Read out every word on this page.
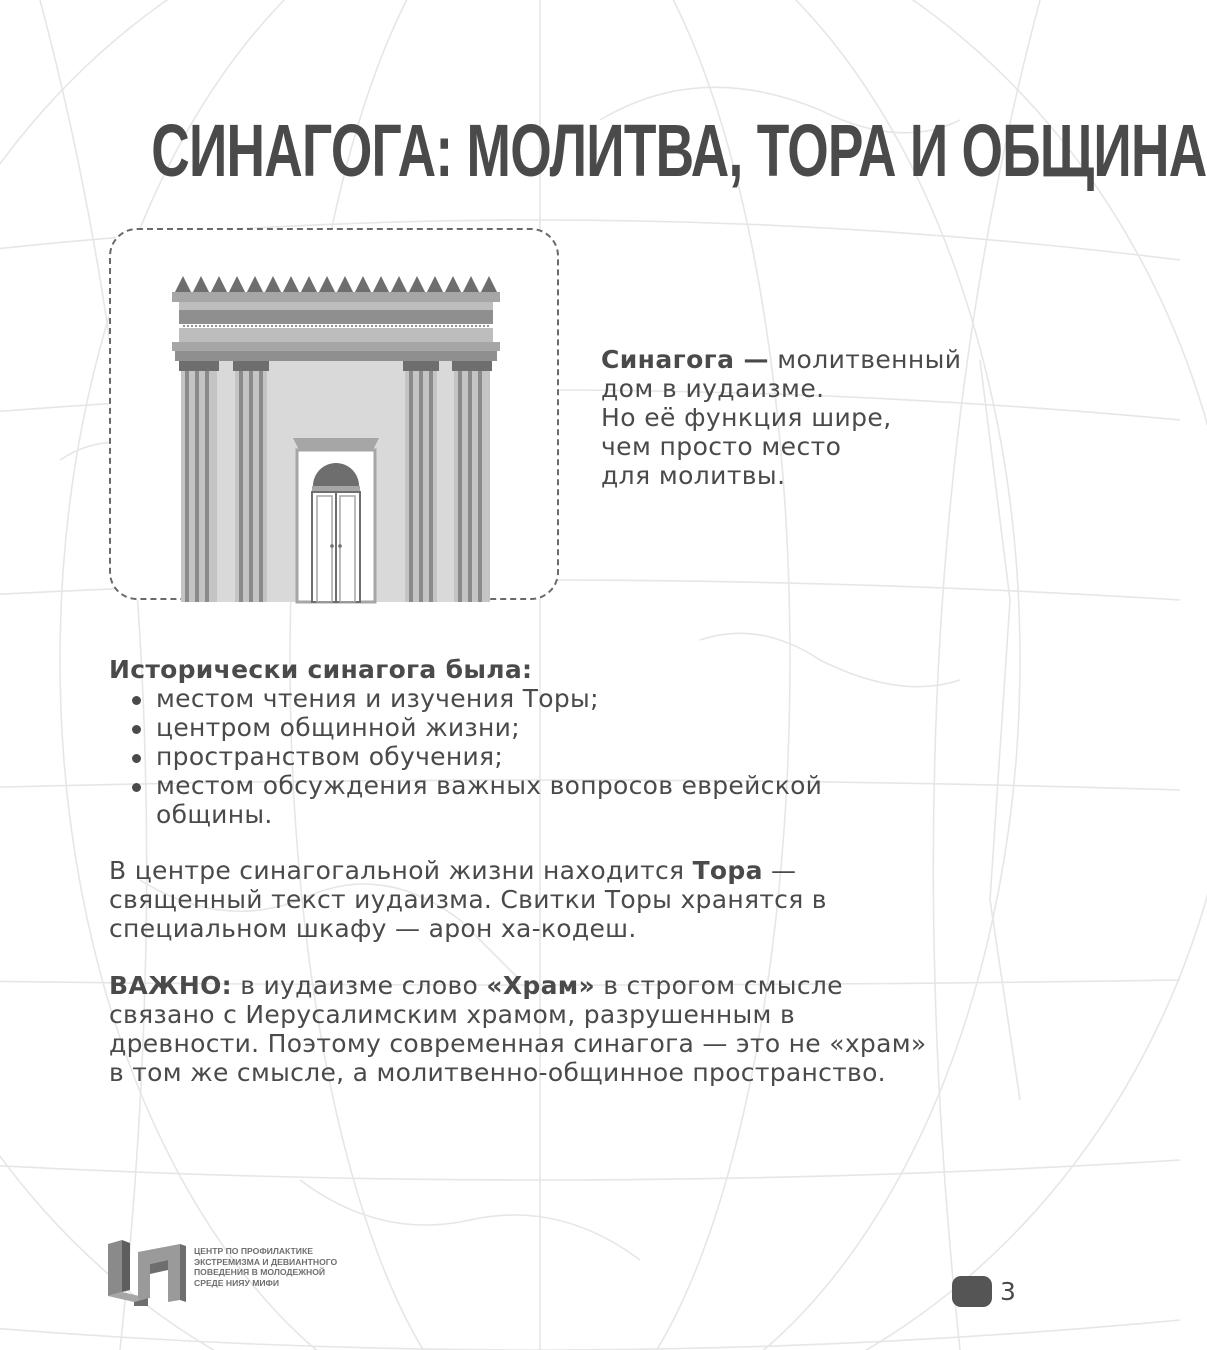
СИНАГОГА: МОЛИТВА, ТОРА И ОБЩИНА
Синагога — молитвенный
дом в иудаизме.
Но её функция шире,
чем просто место
для молитвы.

Исторически синагога была:

местом чтения и изучения Торы;
центром общинной жизни;
пространством обучения;
местом обсуждения важных вопросов еврейской общины.

В центре синагогальной жизни находится Тора — священный текст иудаизма. Свитки Торы хранятся в специальном шкафу — арон ха-кодеш.

ВАЖНО: в иудаизме слово «Храм» в строгом смысле связано с Иерусалимским храмом, разрушенным в древности. Поэтому современная синагога — это не «храм» в том же смысле, а молитвенно-общинное пространство.

ЦЕНТР ПО ПРОФИЛАКТИКЕ
ЭКСТРЕМИЗМА И ДЕВИАНТНОГО
ПОВЕДЕНИЯ В МОЛОДЕЖНОЙ
СРЕДЕ НИЯУ МИФИ	3
